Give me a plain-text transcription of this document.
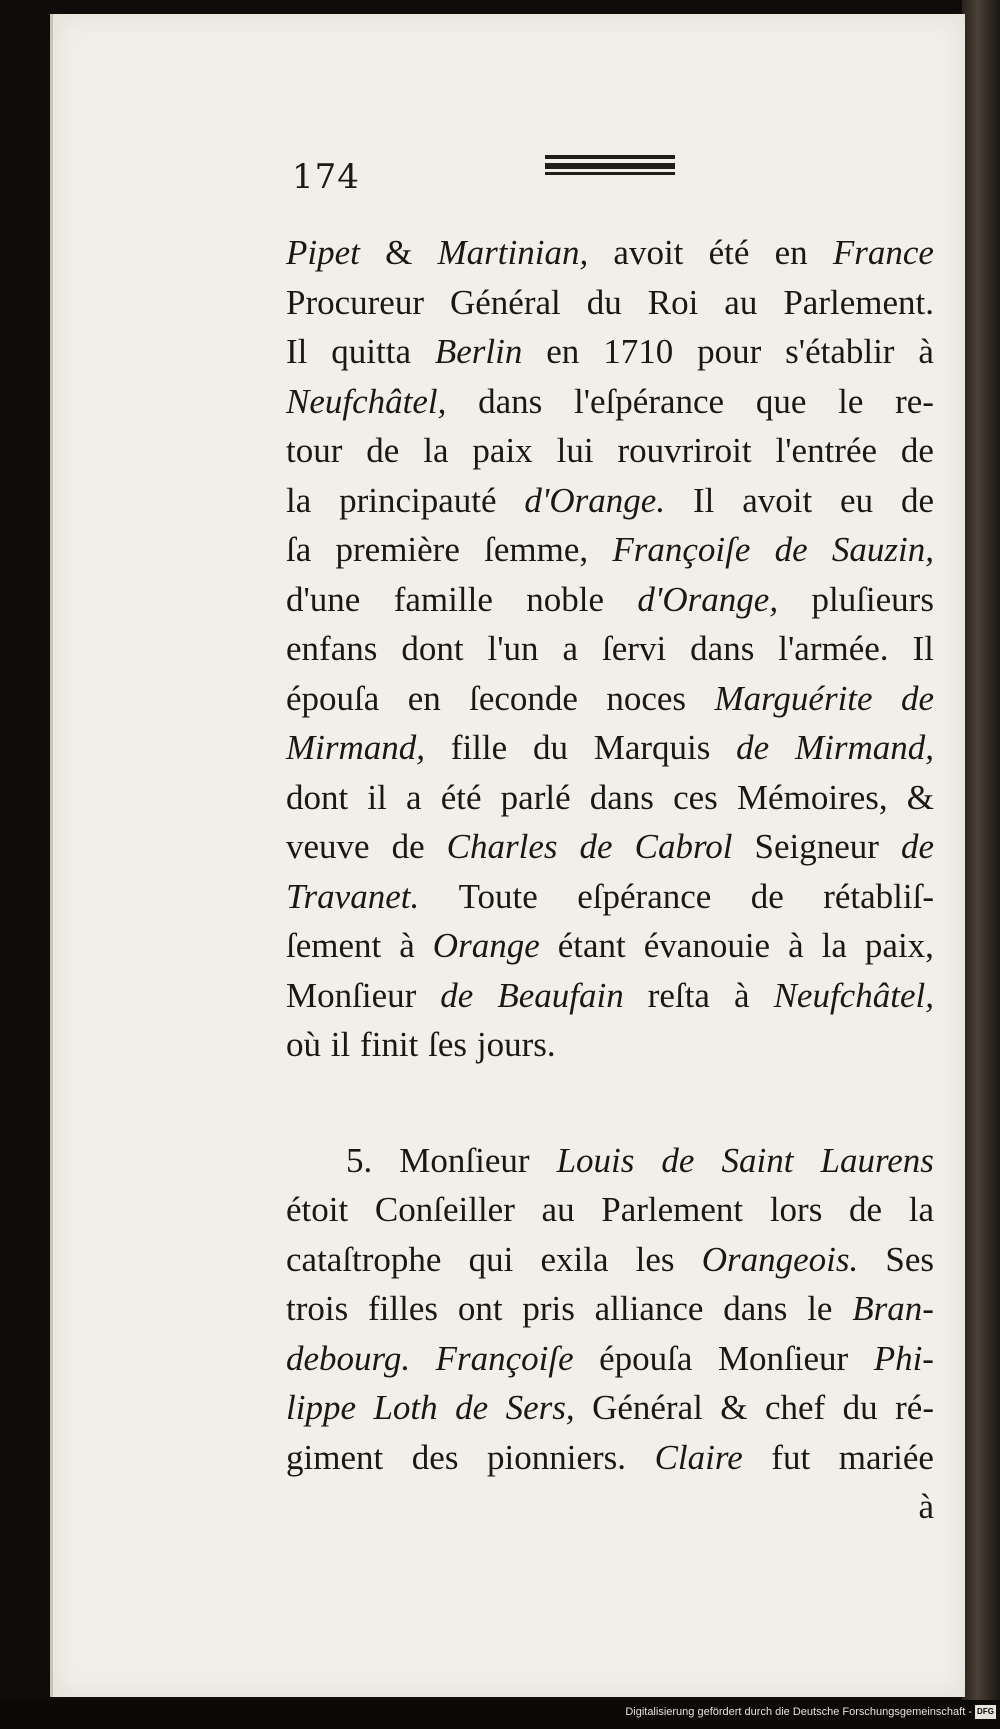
174
Pipet & Martinian, avoit été en France
Procureur Général du Roi au Parlement.
Il quitta Berlin en 1710 pour s'établir à
Neufchâtel, dans l'eſpérance que le re-
tour de la paix lui rouvriroit l'entrée de
la principauté d'Orange. Il avoit eu de
ſa première ſemme, Françoiſe de Sauzin,
d'une famille noble d'Orange, pluſieurs
enfans dont l'un a ſervi dans l'armée. Il
épouſa en ſeconde noces Marguérite de
Mirmand, fille du Marquis de Mirmand,
dont il a été parlé dans ces Mémoires, &
veuve de Charles de Cabrol Seigneur de
Travanet. Toute eſpérance de rétabliſ-
ſement à Orange étant évanouie à la paix,
Monſieur de Beaufain reſta à Neufchâtel,
où il finit ſes jours.
5. Monſieur Louis de Saint Laurens
étoit Conſeiller au Parlement lors de la
cataſtrophe qui exila les Orangeois. Ses
trois filles ont pris alliance dans le Bran-
debourg. Françoiſe épouſa Monſieur Phi-
lippe Loth de Sers, Général & chef du ré-
giment des pionniers. Claire fut mariée
à
Digitalisierung gefördert durch die Deutsche Forschungsgemeinschaft - DFG
